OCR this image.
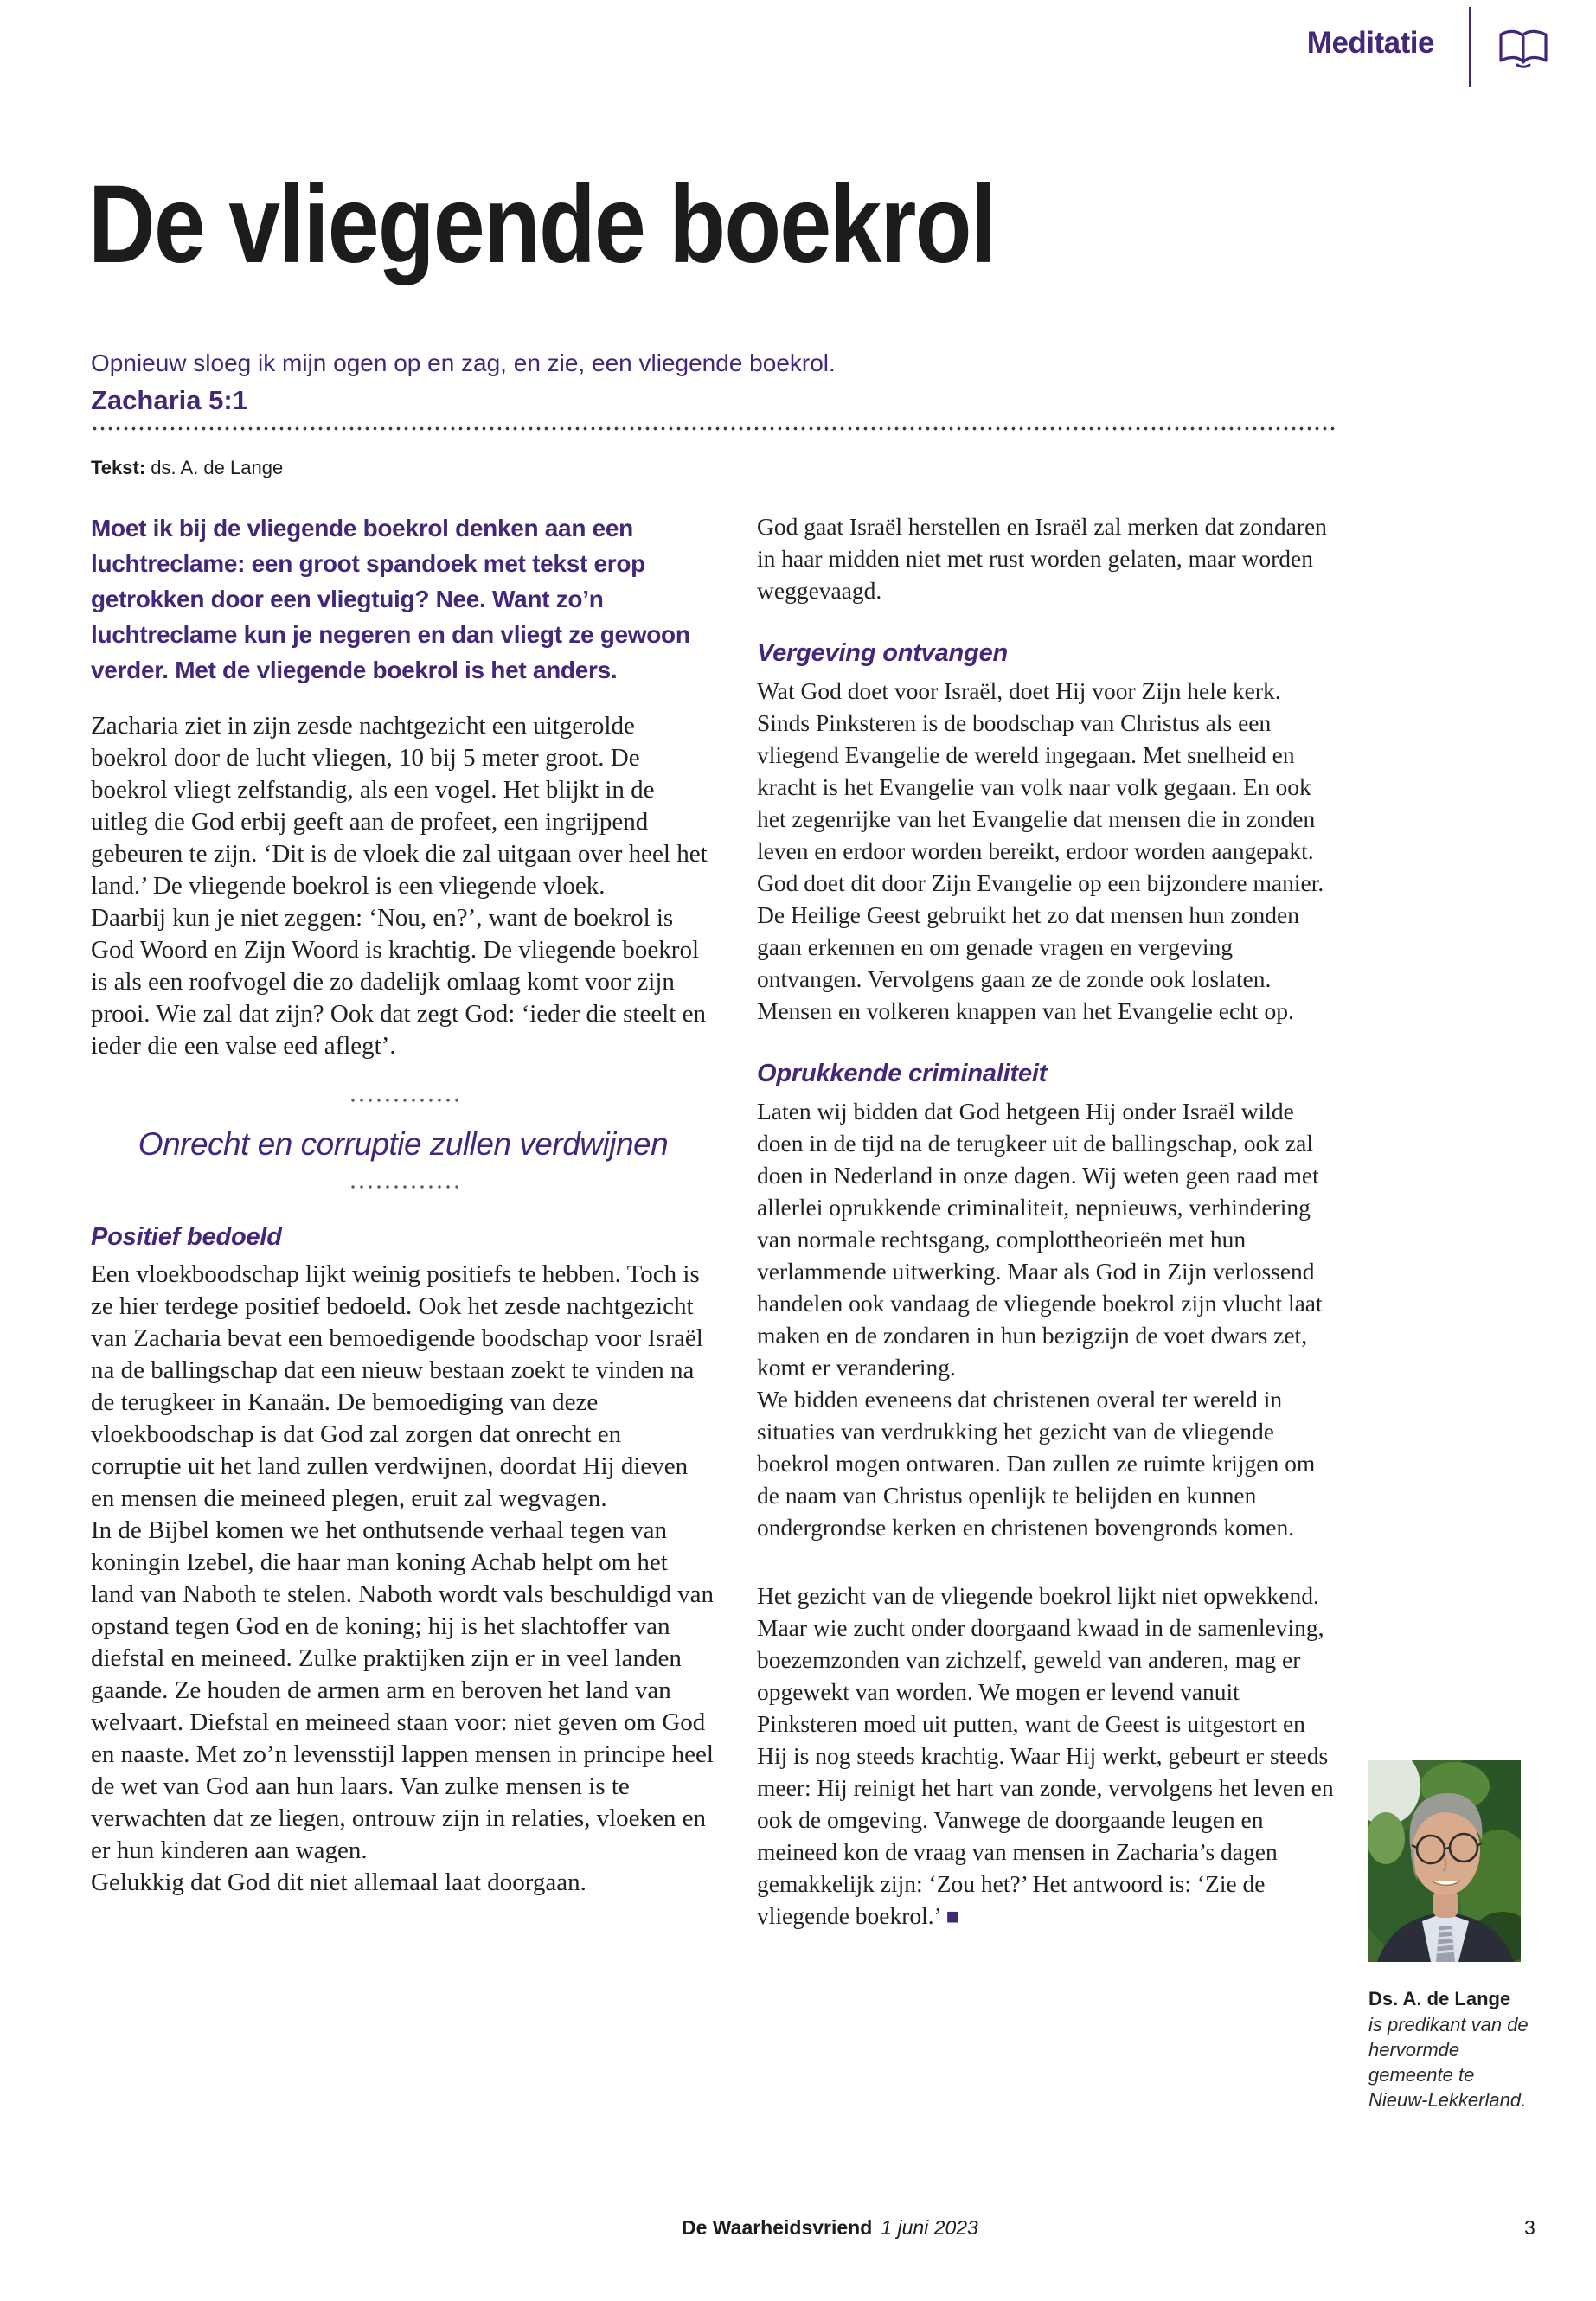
Meditatie
De vliegende boekrol
Opnieuw sloeg ik mijn ogen op en zag, en zie, een vliegende boekrol.
Zacharia 5:1
Tekst: ds. A. de Lange

Moet ik bij de vliegende boekrol denken aan een luchtreclame: een groot spandoek met tekst erop getrokken door een vliegtuig? Nee. Want zo’n luchtreclame kun je negeren en dan vliegt ze gewoon verder. Met de vliegende boekrol is het anders.

Zacharia ziet in zijn zesde nachtgezicht een uitgerolde boekrol door de lucht vliegen, 10 bij 5 meter groot. De boekrol vliegt zelfstandig, als een vogel. Het blijkt in de uitleg die God erbij geeft aan de profeet, een ingrijpend gebeuren te zijn. ‘Dit is de vloek die zal uitgaan over heel het land.’ De vliegende boekrol is een vliegende vloek.

Daarbij kun je niet zeggen: ‘Nou, en?’, want de boekrol is God Woord en Zijn Woord is krachtig. De vliegende boekrol is als een roofvogel die zo dadelijk omlaag komt voor zijn prooi. Wie zal dat zijn? Ook dat zegt God: ‘ieder die steelt en ieder die een valse eed aflegt’.

Onrecht en corruptie zullen verdwijnen
Positief bedoeld

Een vloekboodschap lijkt weinig positiefs te hebben. Toch is ze hier terdege positief bedoeld. Ook het zesde nachtgezicht van Zacharia bevat een bemoedigende boodschap voor Israël na de ballingschap dat een nieuw bestaan zoekt te vinden na de terugkeer in Kanaän. De bemoediging van deze vloekboodschap is dat God zal zorgen dat onrecht en corruptie uit het land zullen verdwijnen, doordat Hij dieven en mensen die meineed plegen, eruit zal wegvagen.

In de Bijbel komen we het onthutsende verhaal tegen van koningin Izebel, die haar man koning Achab helpt om het land van Naboth te stelen. Naboth wordt vals beschuldigd van opstand tegen God en de koning; hij is het slachtoffer van diefstal en meineed. Zulke praktijken zijn er in veel landen gaande. Ze houden de armen arm en beroven het land van welvaart. Diefstal en meineed staan voor: niet geven om God en naaste. Met zo’n levensstijl lappen mensen in principe heel de wet van God aan hun laars. Van zulke mensen is te verwachten dat ze liegen, ontrouw zijn in relaties, vloeken en er hun kinderen aan wagen.

Gelukkig dat God dit niet allemaal laat doorgaan.

God gaat Israël herstellen en Israël zal merken dat zondaren in haar midden niet met rust worden gelaten, maar worden weggevaagd.

Vergeving ontvangen

Wat God doet voor Israël, doet Hij voor Zijn hele kerk. Sinds Pinksteren is de boodschap van Christus als een vliegend Evangelie de wereld ingegaan. Met snelheid en kracht is het Evangelie van volk naar volk gegaan. En ook het zegenrijke van het Evangelie dat mensen die in zonden leven en erdoor worden bereikt, erdoor worden aangepakt. God doet dit door Zijn Evangelie op een bijzondere manier. De Heilige Geest gebruikt het zo dat mensen hun zonden gaan erkennen en om genade vragen en vergeving ontvangen. Vervolgens gaan ze de zonde ook loslaten. Mensen en volkeren knappen van het Evangelie echt op.

Oprukkende criminaliteit

Laten wij bidden dat God hetgeen Hij onder Israël wilde doen in de tijd na de terugkeer uit de ballingschap, ook zal doen in Nederland in onze dagen. Wij weten geen raad met allerlei oprukkende criminaliteit, nepnieuws, verhindering van normale rechtsgang, complottheorieën met hun verlammende uitwerking. Maar als God in Zijn verlossend handelen ook vandaag de vliegende boekrol zijn vlucht laat maken en de zondaren in hun bezigzijn de voet dwars zet, komt er verandering.

We bidden eveneens dat christenen overal ter wereld in situaties van verdrukking het gezicht van de vliegende boekrol mogen ontwaren. Dan zullen ze ruimte krijgen om de naam van Christus openlijk te belijden en kunnen ondergrondse kerken en christenen bovengronds komen.

Het gezicht van de vliegende boekrol lijkt niet opwekkend. Maar wie zucht onder doorgaand kwaad in de samenleving, boezemzonden van zichzelf, geweld van anderen, mag er opgewekt van worden. We mogen er levend vanuit Pinksteren moed uit putten, want de Geest is uitgestort en Hij is nog steeds krachtig. Waar Hij werkt, gebeurt er steeds meer: Hij reinigt het hart van zonde, vervolgens het leven en ook de omgeving. Vanwege de doorgaande leugen en meineed kon de vraag van mensen in Zacharia’s dagen gemakkelijk zijn: ‘Zou het?’ Het antwoord is: ‘Zie de vliegende boekrol.’ ■

Ds. A. de Lange
is predikant van de hervormde gemeente te Nieuw-Lekkerland.
De Waarheidsvriend 1 juni 2023	3
